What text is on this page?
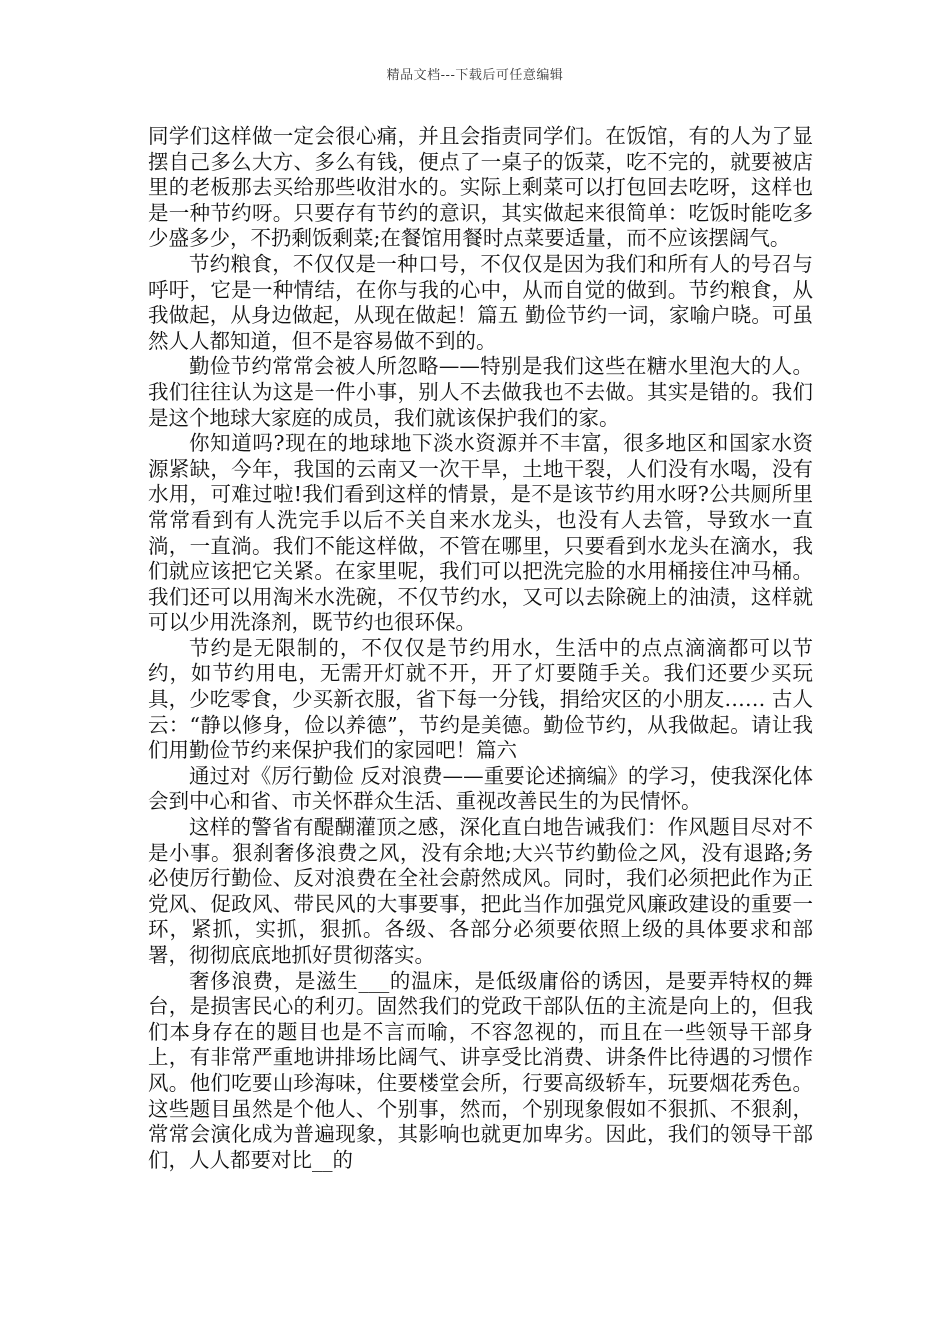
精品文档---下载后可任意编辑

同学们这样做一定会很心痛，并且会指责同学们。在饭馆，有的人为了显摆自己多么大方、多么有钱，便点了一桌子的饭菜，吃不完的，就要被店里的老板那去买给那些收泔水的。实际上剩菜可以打包回去吃呀，这样也是一种节约呀。只要存有节约的意识，其实做起来很简单：吃饭时能吃多少盛多少，不扔剩饭剩菜;在餐馆用餐时点菜要适量，而不应该摆阔气。

节约粮食，不仅仅是一种口号，不仅仅是因为我们和所有人的号召与呼吁，它是一种情结，在你与我的心中，从而自觉的做到。节约粮食，从我做起，从身边做起，从现在做起！篇五 勤俭节约一词，家喻户晓。可虽然人人都知道，但不是容易做不到的。

勤俭节约常常会被人所忽略——特别是我们这些在糖水里泡大的人。我们往往认为这是一件小事，别人不去做我也不去做。其实是错的。我们是这个地球大家庭的成员，我们就该保护我们的家。

你知道吗?现在的地球地下淡水资源并不丰富，很多地区和国家水资源紧缺，今年，我国的云南又一次干旱，土地干裂，人们没有水喝，没有水用，可难过啦!我们看到这样的情景，是不是该节约用水呀?公共厕所里常常看到有人洗完手以后不关自来水龙头，也没有人去管，导致水一直淌，一直淌。我们不能这样做，不管在哪里，只要看到水龙头在滴水，我们就应该把它关紧。在家里呢，我们可以把洗完脸的水用桶接住冲马桶。我们还可以用淘米水洗碗，不仅节约水，又可以去除碗上的油渍，这样就可以少用洗涤剂，既节约也很环保。

节约是无限制的，不仅仅是节约用水，生活中的点点滴滴都可以节约，如节约用电，无需开灯就不开，开了灯要随手关。我们还要少买玩具，少吃零食，少买新衣服，省下每一分钱，捐给灾区的小朋友…… 古人云：“静以修身，俭以养德”，节约是美德。勤俭节约，从我做起。请让我们用勤俭节约来保护我们的家园吧！篇六

通过对《厉行勤俭 反对浪费——重要论述摘编》的学习，使我深化体会到中心和省、市关怀群众生活、重视改善民生的为民情怀。

这样的警省有醍醐灌顶之感，深化直白地告诫我们：作风题目尽对不是小事。狠刹奢侈浪费之风，没有余地;大兴节约勤俭之风，没有退路;务必使厉行勤俭、反对浪费在全社会蔚然成风。同时，我们必须把此作为正党风、促政风、带民风的大事要事，把此当作加强党风廉政建设的重要一环，紧抓，实抓，狠抓。各级、各部分必须要依照上级的具体要求和部署，彻彻底底地抓好贯彻落实。

奢侈浪费，是滋生___的温床，是低级庸俗的诱因，是要弄特权的舞台，是损害民心的利刃。固然我们的党政干部队伍的主流是向上的，但我们本身存在的题目也是不言而喻，不容忽视的，而且在一些领导干部身上，有非常严重地讲排场比阔气、讲享受比消费、讲条件比待遇的习惯作风。他们吃要山珍海味，住要楼堂会所，行要高级轿车，玩要烟花秀色。这些题目虽然是个他人、个别事，然而，个别现象假如不狠抓、不狠刹，常常会演化成为普遍现象，其影响也就更加卑劣。因此，我们的领导干部们，人人都要对比__的
